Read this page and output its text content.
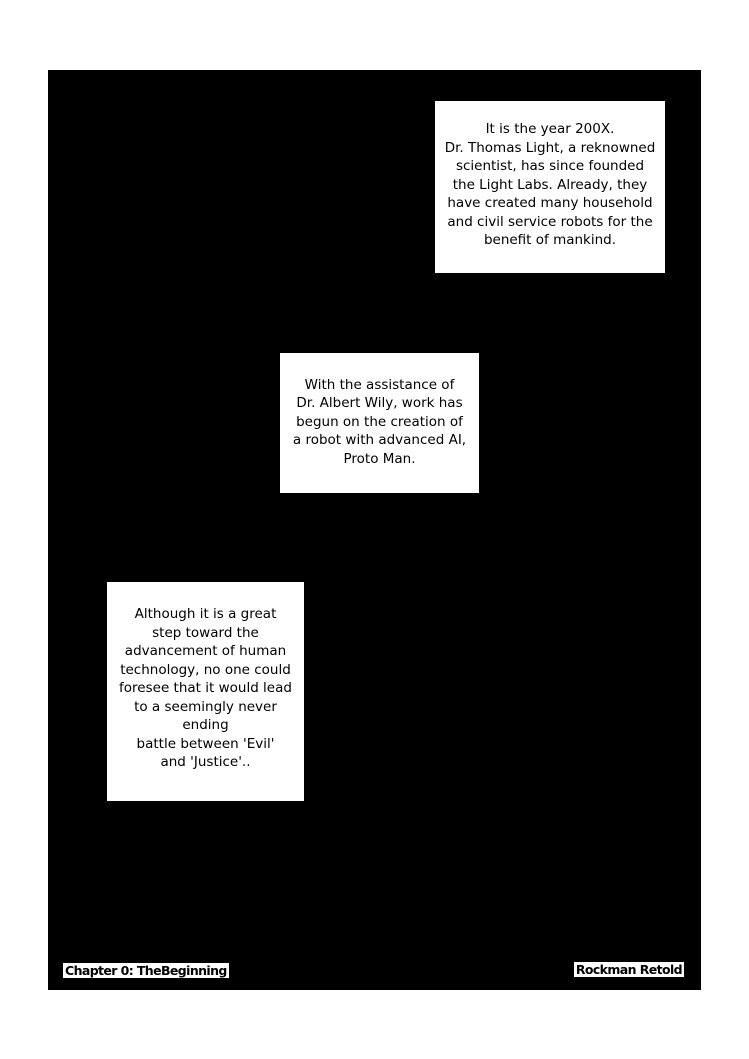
It is the year 200X.
Dr. Thomas Light, a reknowned
scientist, has since founded
the Light Labs. Already, they
have created many household
and civil service robots for the
benefit of mankind.
With the assistance of
Dr. Albert Wily, work has
begun on the creation of
a robot with advanced AI,
Proto Man.
Although it is a great
step toward the
advancement of human
technology, no one could
foresee that it would lead
to a seemingly never ending
battle between 'Evil'
and 'Justice'..
Chapter 0: TheBeginning	Rockman Retold
